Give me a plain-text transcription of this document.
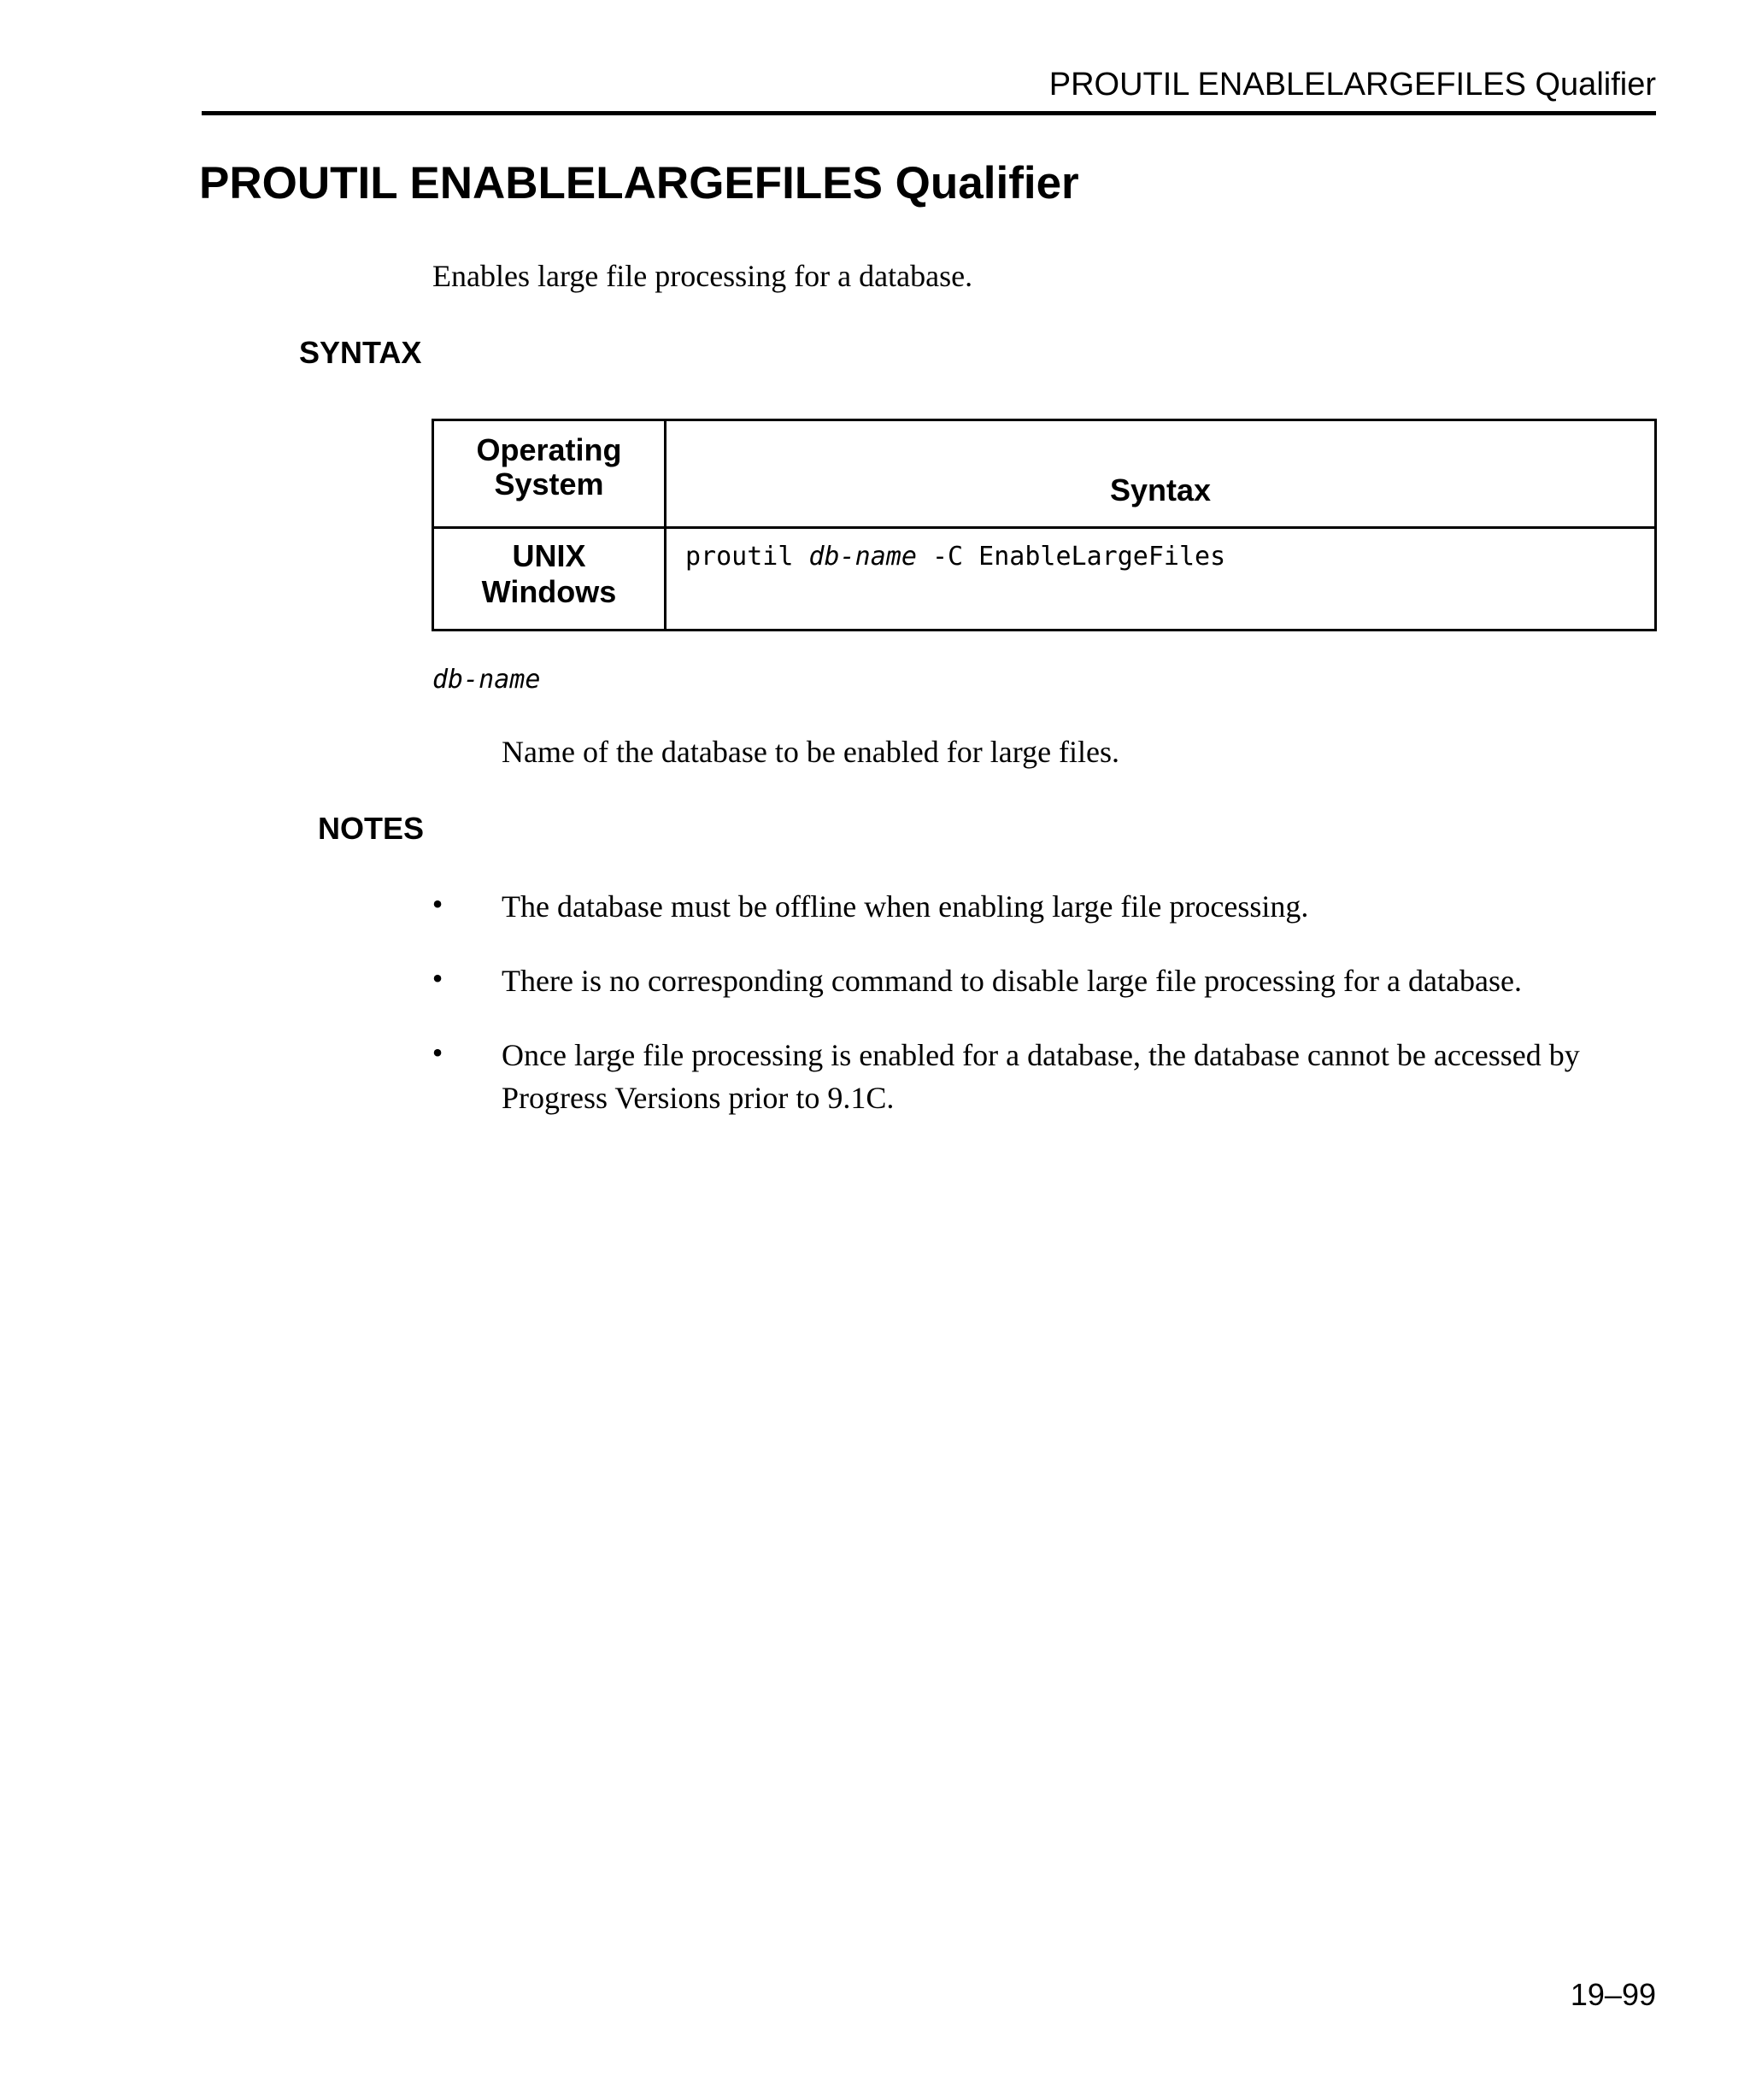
PROUTIL ENABLELARGEFILES Qualifier
PROUTIL ENABLELARGEFILES Qualifier
Enables large file processing for a database.
SYNTAX
Operating
System	Syntax

UNIX
Windows	proutil db-name -C EnableLargeFiles
db-name
Name of the database to be enabled for large files.
NOTES
• The database must be offline when enabling large file processing.
• There is no corresponding command to disable large file processing for a database.
• Once large file processing is enabled for a database, the database cannot be accessed by Progress Versions prior to 9.1C.
19–99
